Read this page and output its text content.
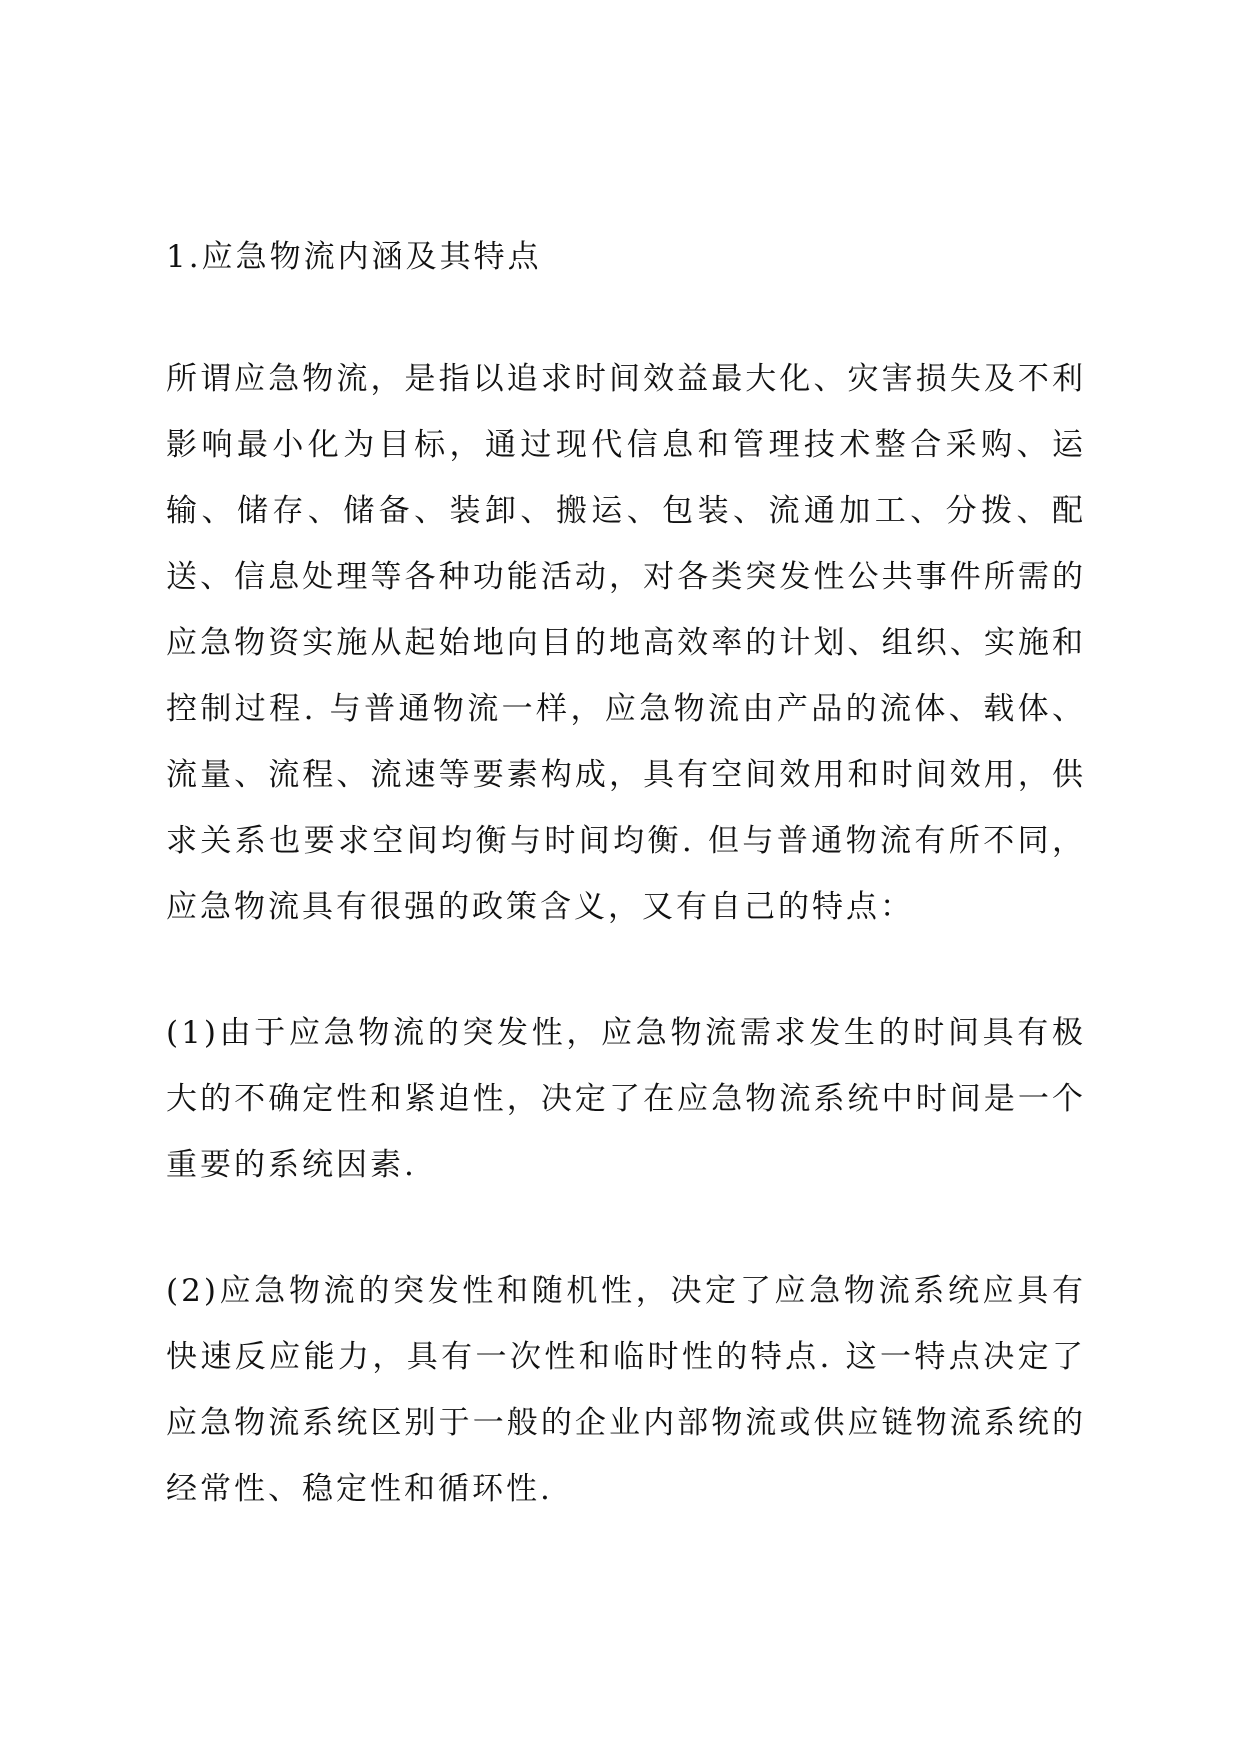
1.应急物流内涵及其特点

所谓应急物流，是指以追求时间效益最大化、灾害损失及不利影响最小化为目标，通过现代信息和管理技术整合采购、运输、储存、储备、装卸、搬运、包装、流通加工、分拨、配送、信息处理等各种功能活动，对各类突发性公共事件所需的应急物资实施从起始地向目的地高效率的计划、组织、实施和控制过程. 与普通物流一样，应急物流由产品的流体、载体、流量、流程、流速等要素构成，具有空间效用和时间效用，供求关系也要求空间均衡与时间均衡. 但与普通物流有所不同，应急物流具有很强的政策含义，又有自己的特点：

(1)由于应急物流的突发性，应急物流需求发生的时间具有极大的不确定性和紧迫性，决定了在应急物流系统中时间是一个重要的系统因素.

(2)应急物流的突发性和随机性，决定了应急物流系统应具有快速反应能力，具有一次性和临时性的特点. 这一特点决定了应急物流系统区别于一般的企业内部物流或供应链物流系统的经常性、稳定性和循环性.
